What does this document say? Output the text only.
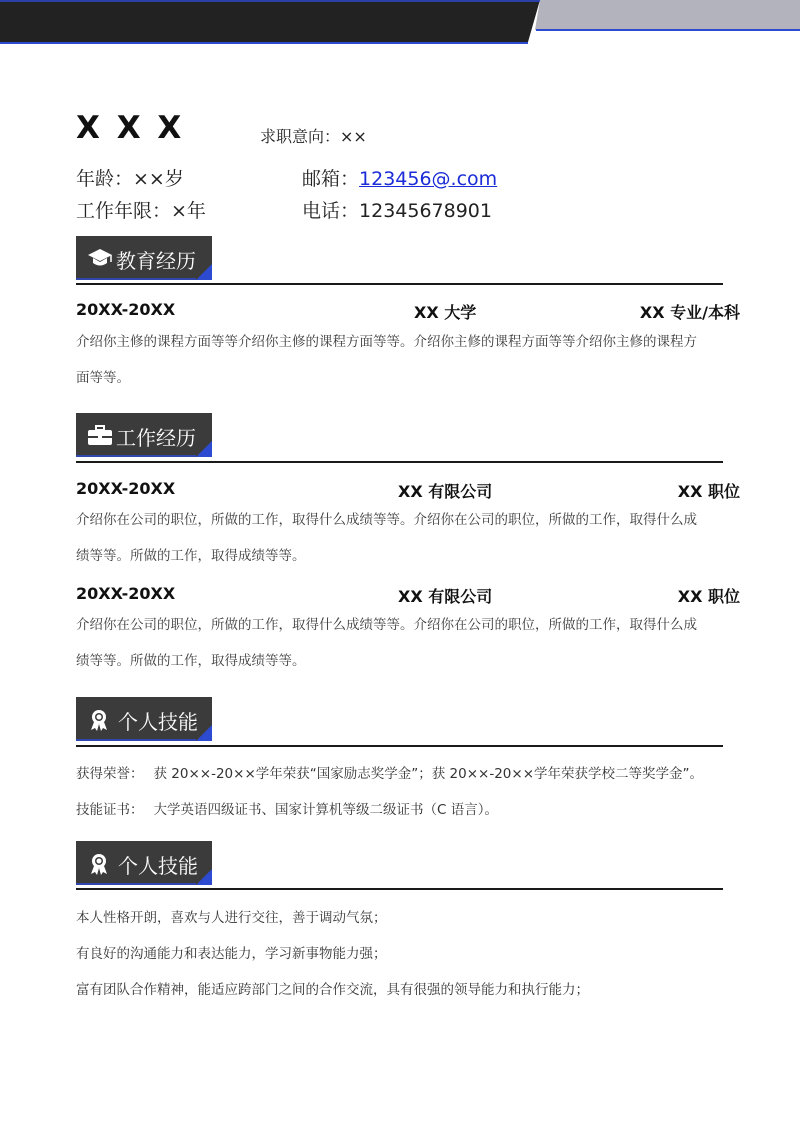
X X X	求职意向：××
年龄：××岁	邮箱：123456@.com
工作年限：×年	电话：12345678901
教育经历
20XX-20XX	XX 大学	XX 专业/本科
介绍你主修的课程方面等等介绍你主修的课程方面等等。介绍你主修的课程方面等等介绍你主修的课程方
面等等。
工作经历
20XX-20XX	XX 有限公司	XX 职位
介绍你在公司的职位，所做的工作，取得什么成绩等等。介绍你在公司的职位，所做的工作，取得什么成
绩等等。所做的工作，取得成绩等等。
20XX-20XX	XX 有限公司	XX 职位
介绍你在公司的职位，所做的工作，取得什么成绩等等。介绍你在公司的职位，所做的工作，取得什么成
绩等等。所做的工作，取得成绩等等。
个人技能
获得荣誉： 获 20××-20××学年荣获“国家励志奖学金”；获 20××-20××学年荣获学校二等奖学金”。
技能证书： 大学英语四级证书、国家计算机等级二级证书（C 语言）。
个人技能
本人性格开朗，喜欢与人进行交往，善于调动气氛；
有良好的沟通能力和表达能力，学习新事物能力强；
富有团队合作精神，能适应跨部门之间的合作交流，具有很强的领导能力和执行能力；
